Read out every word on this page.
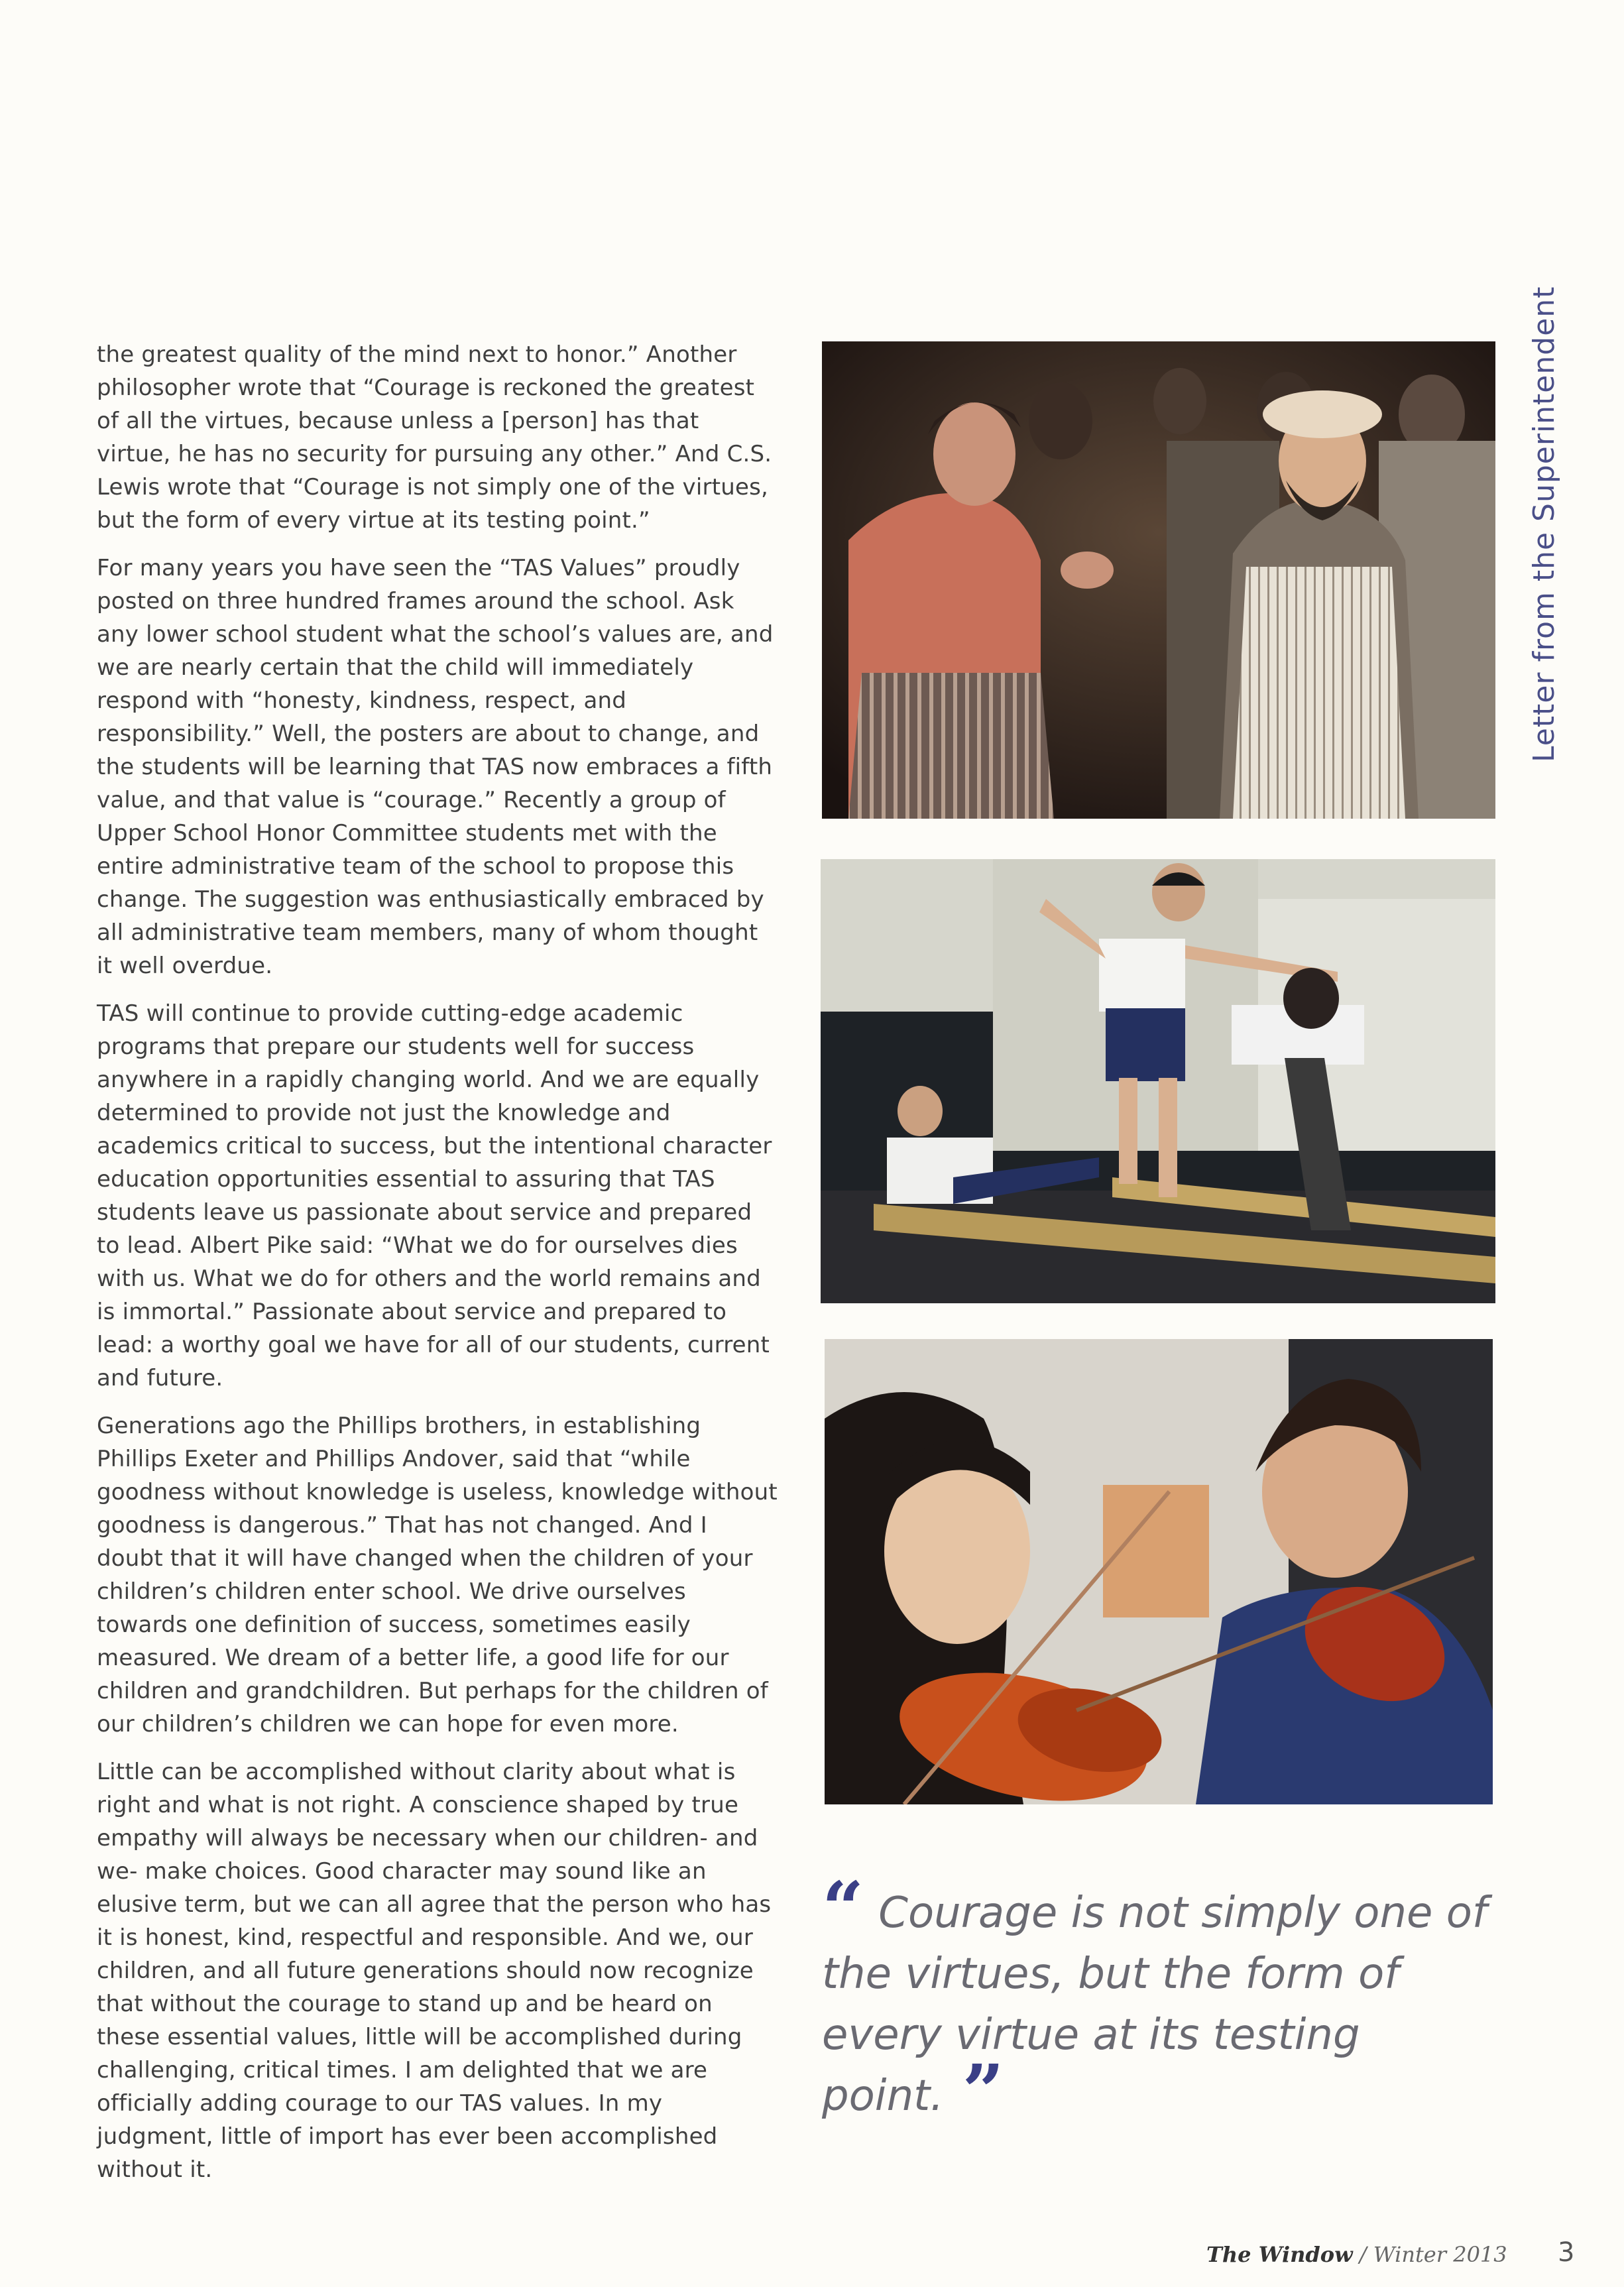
Letter from the Superintendent

the greatest quality of the mind next to honor.” Another philosopher wrote that “Courage is reckoned the greatest of all the virtues, because unless a [person] has that virtue, he has no security for pursuing any other.” And C.S. Lewis wrote that “Courage is not simply one of the virtues, but the form of every virtue at its testing point.”

For many years you have seen the “TAS Values” proudly posted on three hundred frames around the school. Ask any lower school student what the school’s values are, and we are nearly certain that the child will immediately respond with “honesty, kindness, respect, and responsibility.” Well, the posters are about to change, and the students will be learning that TAS now embraces a fifth value, and that value is “courage.” Recently a group of Upper School Honor Committee students met with the entire administrative team of the school to propose this change. The suggestion was enthusiastically embraced by all administrative team members, many of whom thought it well overdue.

TAS will continue to provide cutting-edge academic programs that prepare our students well for success anywhere in a rapidly changing world. And we are equally determined to provide not just the knowledge and academics critical to success, but the intentional character education opportunities essential to assuring that TAS students leave us passionate about service and prepared to lead. Albert Pike said: “What we do for ourselves dies with us. What we do for others and the world remains and is immortal.” Passionate about service and prepared to lead: a worthy goal we have for all of our students, current and future.

Generations ago the Phillips brothers, in establishing Phillips Exeter and Phillips Andover, said that “while goodness without knowledge is useless, knowledge without goodness is dangerous.” That has not changed. And I doubt that it will have changed when the children of your children’s children enter school. We drive ourselves towards one definition of success, sometimes easily measured. We dream of a better life, a good life for our children and grandchildren. But perhaps for the children of our children’s children we can hope for even more.

Little can be accomplished without clarity about what is right and what is not right. A conscience shaped by true empathy will always be necessary when our children- and we- make choices. Good character may sound like an elusive term, but we can all agree that the person who has it is honest, kind, respectful and responsible. And we, our children, and all future generations should now recognize that without the courage to stand up and be heard on these essential values, little will be accomplished during challenging, critical times. I am delighted that we are officially adding courage to our TAS values. In my judgment, little of import has ever been accomplished without it.

“ Courage is not simply one of the virtues, but the form of every virtue at its testing point. ”
The Window / Winter 2013 3
